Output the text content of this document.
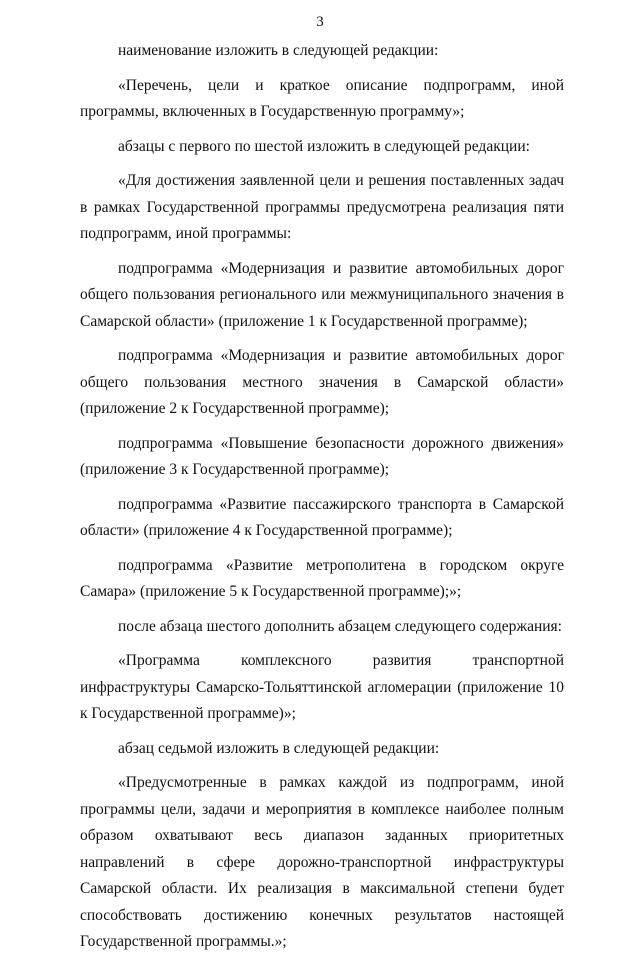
3

наименование изложить в следующей редакции:

«Перечень, цели и краткое описание подпрограмм, иной программы, включенных в Государственную программу»;

абзацы с первого по шестой изложить в следующей редакции:

«Для достижения заявленной цели и решения поставленных задач в рамках Государственной программы предусмотрена реализация пяти подпрограмм, иной программы:

подпрограмма «Модернизация и развитие автомобильных дорог общего пользования регионального или межмуниципального значения в Самарской области» (приложение 1 к Государственной программе);

подпрограмма «Модернизация и развитие автомобильных дорог общего пользования местного значения в Самарской области» (приложение 2 к Государственной программе);

подпрограмма «Повышение безопасности дорожного движения» (приложение 3 к Государственной программе);

подпрограмма «Развитие пассажирского транспорта в Самарской области» (приложение 4 к Государственной программе);

подпрограмма «Развитие метрополитена в городском округе Самара» (приложение 5 к Государственной программе);»;

после абзаца шестого дополнить абзацем следующего содержания:

«Программа комплексного развития транспортной инфраструктуры Самарско-Тольяттинской агломерации (приложение 10 к Государственной программе)»;

абзац седьмой изложить в следующей редакции:

«Предусмотренные в рамках каждой из подпрограмм, иной программы цели, задачи и мероприятия в комплексе наиболее полным образом охватывают весь диапазон заданных приоритетных направлений в сфере дорожно-транспортной инфраструктуры Самарской области. Их реализация в максимальной степени будет способствовать достижению конечных результатов настоящей Государственной программы.»;
